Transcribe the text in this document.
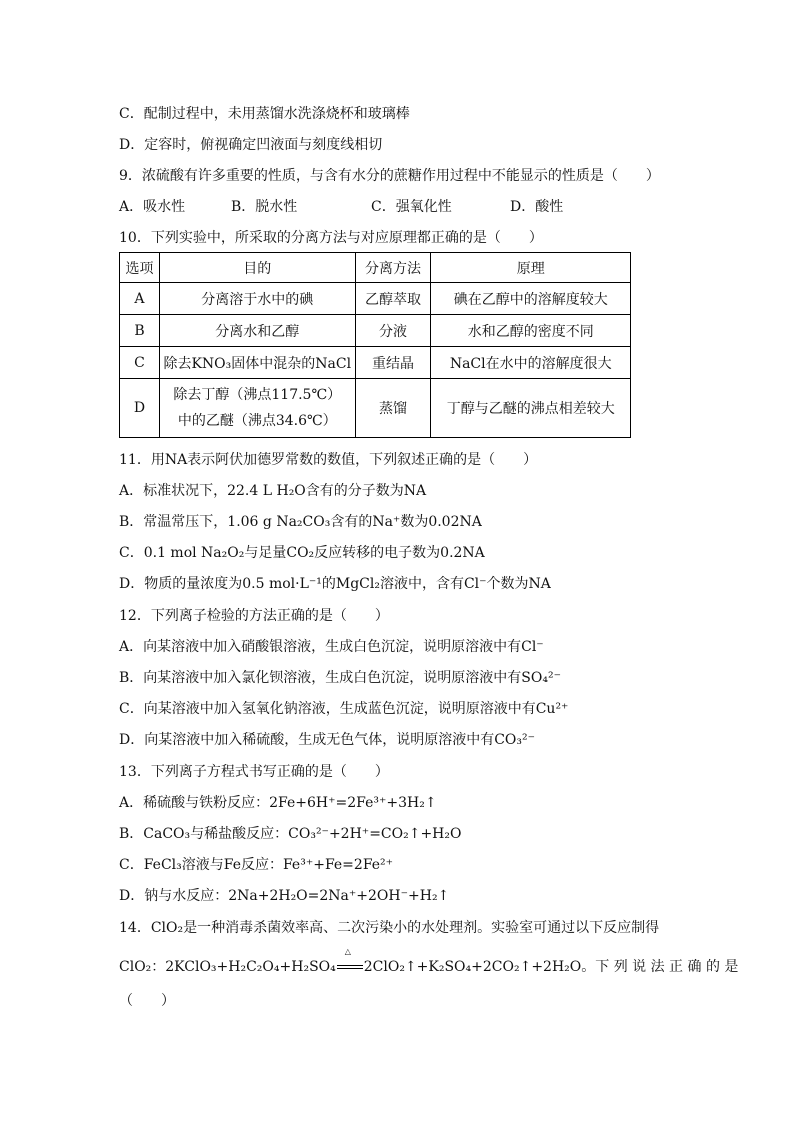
C．配制过程中，未用蒸馏水洗涤烧杯和玻璃棒
D．定容时，俯视确定凹液面与刻度线相切
9．浓硫酸有许多重要的性质，与含有水分的蔗糖作用过程中不能显示的性质是（　　）
A．吸水性	B．脱水性	C．强氧化性	D．酸性
10．下列实验中，所采取的分离方法与对应原理都正确的是（　　）
选项	目的	分离方法	原理
A	分离溶于水中的碘	乙醇萃取	碘在乙醇中的溶解度较大
B	分离水和乙醇	分液	水和乙醇的密度不同
C	除去KNO₃固体中混杂的NaCl	重结晶	NaCl在水中的溶解度很大
D	除去丁醇（沸点117.5℃）
中的乙醚（沸点34.6℃）	蒸馏	丁醇与乙醚的沸点相差较大
11．用NA表示阿伏加德罗常数的数值，下列叙述正确的是（　　）
A．标准状况下，22.4 L H₂O含有的分子数为NA
B．常温常压下，1.06 g Na₂CO₃含有的Na⁺数为0.02NA
C．0.1 mol Na₂O₂与足量CO₂反应转移的电子数为0.2NA
D．物质的量浓度为0.5 mol·L⁻¹的MgCl₂溶液中，含有Cl⁻个数为NA
12．下列离子检验的方法正确的是（　　）
A．向某溶液中加入硝酸银溶液，生成白色沉淀，说明原溶液中有Cl⁻
B．向某溶液中加入氯化钡溶液，生成白色沉淀，说明原溶液中有SO₄²⁻
C．向某溶液中加入氢氧化钠溶液，生成蓝色沉淀，说明原溶液中有Cu²⁺
D．向某溶液中加入稀硫酸，生成无色气体，说明原溶液中有CO₃²⁻
13．下列离子方程式书写正确的是（　　）
A．稀硫酸与铁粉反应：2Fe+6H⁺=2Fe³⁺+3H₂↑
B．CaCO₃与稀盐酸反应：CO₃²⁻+2H⁺=CO₂↑+H₂O
C．FeCl₃溶液与Fe反应：Fe³⁺+Fe=2Fe²⁺
D．钠与水反应：2Na+2H₂O=2Na⁺+2OH⁻+H₂↑
14．ClO₂是一种消毒杀菌效率高、二次污染小的水处理剂。实验室可通过以下反应制得
ClO₂：2KClO₃+H₂C₂O₄+H₂SO₄
△
2ClO₂↑+K₂SO₄+2CO₂↑+2H₂O。下 列 说 法 正 确 的 是
（　　）
